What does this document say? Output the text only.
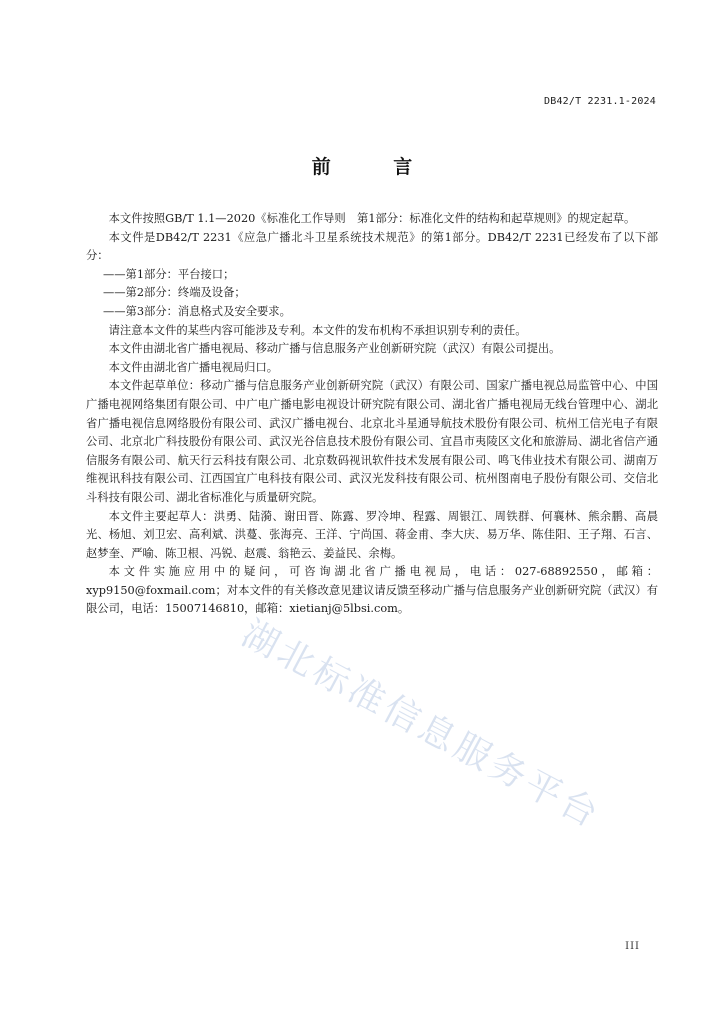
DB42/T 2231.1-2024
前 言

本文件按照GB/T 1.1—2020《标准化工作导则　第1部分：标准化文件的结构和起草规则》的规定起草。

本文件是DB42/T 2231《应急广播北斗卫星系统技术规范》的第1部分。DB42/T 2231已经发布了以下部分：

——第1部分：平台接口；

——第2部分：终端及设备；

——第3部分：消息格式及安全要求。

请注意本文件的某些内容可能涉及专利。本文件的发布机构不承担识别专利的责任。

本文件由湖北省广播电视局、移动广播与信息服务产业创新研究院（武汉）有限公司提出。

本文件由湖北省广播电视局归口。

本文件起草单位：移动广播与信息服务产业创新研究院（武汉）有限公司、国家广播电视总局监管中心、中国广播电视网络集团有限公司、中广电广播电影电视设计研究院有限公司、湖北省广播电视局无线台管理中心、湖北省广播电视信息网络股份有限公司、武汉广播电视台、北京北斗星通导航技术股份有限公司、杭州工信光电子有限公司、北京北广科技股份有限公司、武汉光谷信息技术股份有限公司、宜昌市夷陵区文化和旅游局、湖北省信产通信服务有限公司、航天行云科技有限公司、北京数码视讯软件技术发展有限公司、鸣飞伟业技术有限公司、湖南万维视讯科技有限公司、江西国宜广电科技有限公司、武汉光发科技有限公司、杭州图南电子股份有限公司、交信北斗科技有限公司、湖北省标准化与质量研究院。

本文件主要起草人：洪勇、陆漪、谢田晋、陈露、罗冷坤、程露、周银江、周铁群、何襄林、熊余鹏、高晨光、杨旭、刘卫宏、高利斌、洪蔓、张海亮、王洋、宁尚国、蒋金甫、李大庆、易万华、陈佳阳、王子翔、石言、赵梦奎、严喻、陈卫根、冯锐、赵震、翁艳云、姜益民、余梅。

本文件实施应用中的疑问，可咨询湖北省广播电视局，电话：027-68892550，邮箱：xyp9150@foxmail.com；对本文件的有关修改意见建议请反馈至移动广播与信息服务产业创新研究院（武汉）有限公司，电话：15007146810，邮箱：xietianj@5lbsi.com。

湖北标准信息服务平台
III
